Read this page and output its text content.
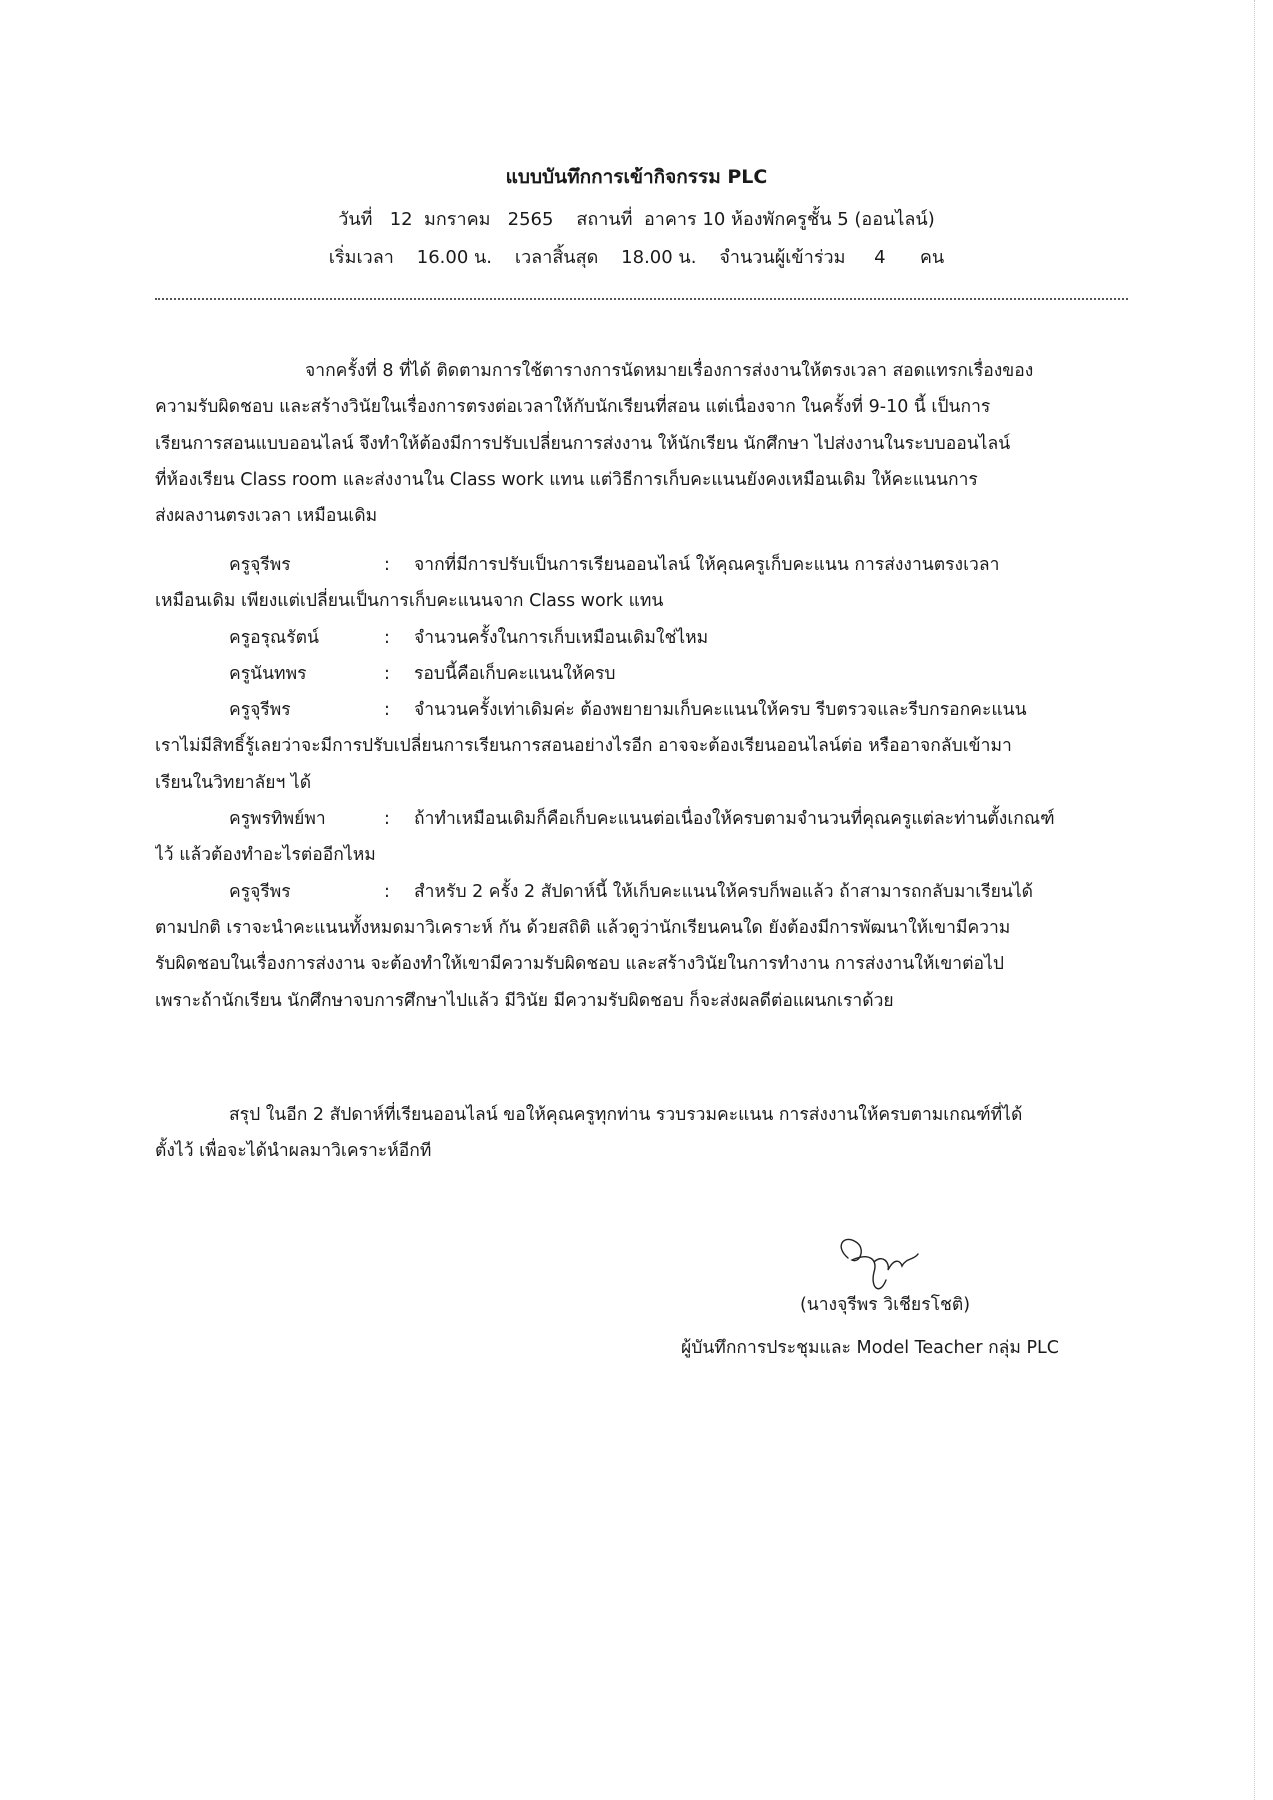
แบบบันทึกการเข้ากิจกรรม PLC
วันที่   12  มกราคม   2565    สถานที่  อาคาร 10 ห้องพักครูชั้น 5 (ออนไลน์)
เริ่มเวลา    16.00 น.    เวลาสิ้นสุด    18.00 น.    จำนวนผู้เข้าร่วม     4      คน
จากครั้งที่ 8 ที่ได้ ติดตามการใช้ตารางการนัดหมายเรื่องการส่งงานให้ตรงเวลา สอดแทรกเรื่องของ
ความรับผิดชอบ และสร้างวินัยในเรื่องการตรงต่อเวลาให้กับนักเรียนที่สอน แต่เนื่องจาก ในครั้งที่ 9-10 นี้ เป็นการ
เรียนการสอนแบบออนไลน์ จึงทำให้ต้องมีการปรับเปลี่ยนการส่งงาน ให้นักเรียน นักศึกษา ไปส่งงานในระบบออนไลน์
ที่ห้องเรียน Class room และส่งงานใน Class work แทน แต่วิธีการเก็บคะแนนยังคงเหมือนเดิม ให้คะแนนการ
ส่งผลงานตรงเวลา เหมือนเดิม
ครูจุรีพร	: จากที่มีการปรับเป็นการเรียนออนไลน์ ให้คุณครูเก็บคะแนน การส่งงานตรงเวลา
เหมือนเดิม เพียงแต่เปลี่ยนเป็นการเก็บคะแนนจาก Class work แทน
ครูอรุณรัตน์	: จำนวนครั้งในการเก็บเหมือนเดิมใช่ไหม
ครูนันทพร	: รอบนี้คือเก็บคะแนนให้ครบ
ครูจุรีพร	: จำนวนครั้งเท่าเดิมค่ะ ต้องพยายามเก็บคะแนนให้ครบ รีบตรวจและรีบกรอกคะแนน
เราไม่มีสิทธิ์รู้เลยว่าจะมีการปรับเปลี่ยนการเรียนการสอนอย่างไรอีก อาจจะต้องเรียนออนไลน์ต่อ หรืออาจกลับเข้ามา
เรียนในวิทยาลัยฯ ได้
ครูพรทิพย์พา	: ถ้าทำเหมือนเดิมก็คือเก็บคะแนนต่อเนื่องให้ครบตามจำนวนที่คุณครูแต่ละท่านตั้งเกณฑ์
ไว้ แล้วต้องทำอะไรต่ออีกไหม
ครูจุรีพร	: สำหรับ 2 ครั้ง 2 สัปดาห์นี้ ให้เก็บคะแนนให้ครบก็พอแล้ว ถ้าสามารถกลับมาเรียนได้
ตามปกติ เราจะนำคะแนนทั้งหมดมาวิเคราะห์ กัน ด้วยสถิติ แล้วดูว่านักเรียนคนใด ยังต้องมีการพัฒนาให้เขามีความ
รับผิดชอบในเรื่องการส่งงาน จะต้องทำให้เขามีความรับผิดชอบ และสร้างวินัยในการทำงาน การส่งงานให้เขาต่อไป
เพราะถ้านักเรียน นักศึกษาจบการศึกษาไปแล้ว มีวินัย มีความรับผิดชอบ ก็จะส่งผลดีต่อแผนกเราด้วย
สรุป ในอีก 2 สัปดาห์ที่เรียนออนไลน์ ขอให้คุณครูทุกท่าน รวบรวมคะแนน การส่งงานให้ครบตามเกณฑ์ที่ได้
ตั้งไว้ เพื่อจะได้นำผลมาวิเคราะห์อีกที
(นางจุรีพร วิเชียรโชติ)
ผู้บันทึกการประชุมและ Model Teacher กลุ่ม PLC
